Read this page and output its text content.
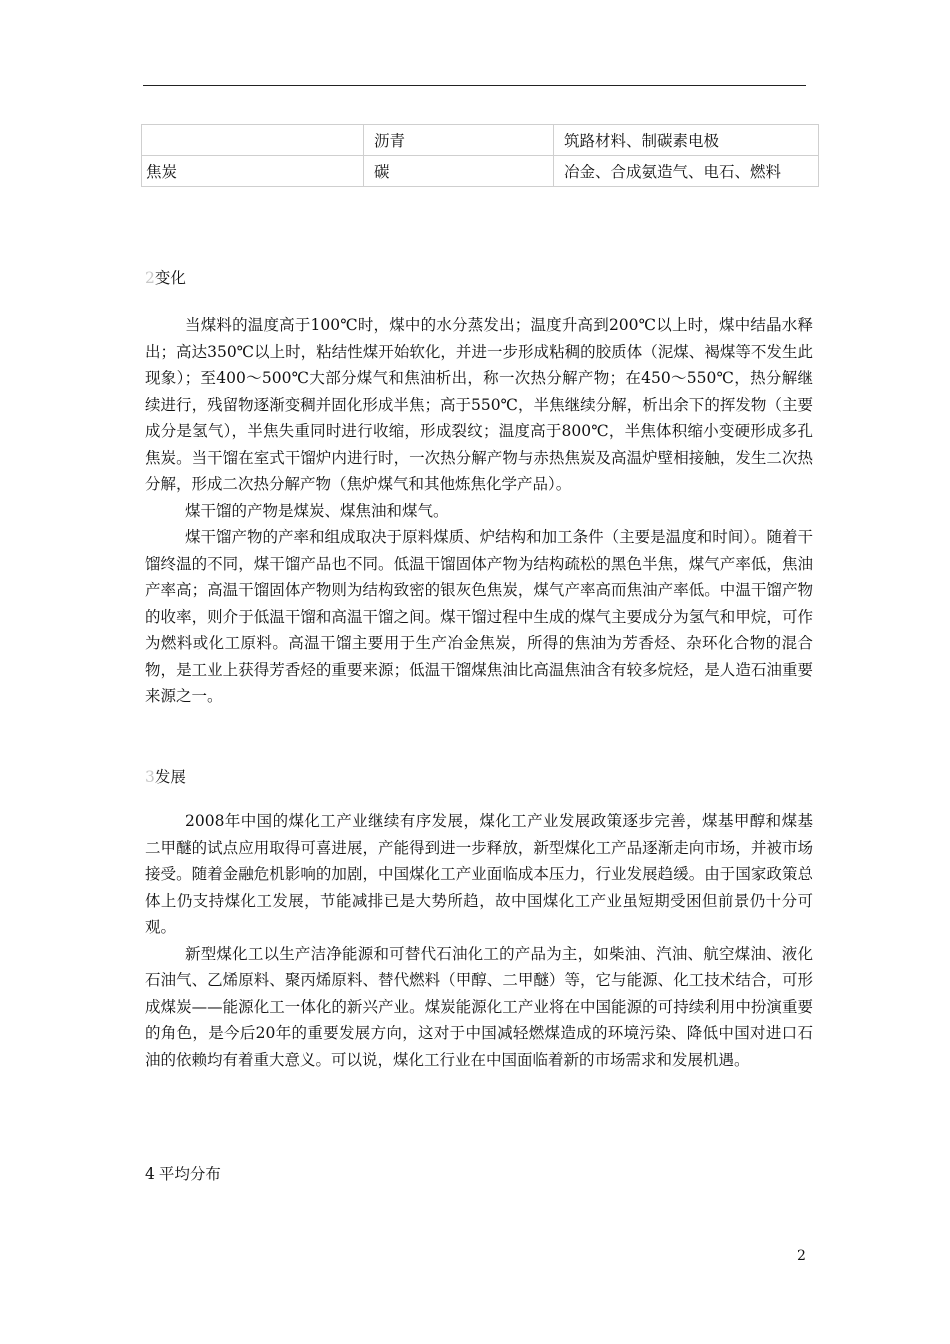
	沥青	筑路材料、制碳素电极
焦炭	碳	冶金、合成氨造气、电石、燃料
2变化

当煤料的温度高于100℃时，煤中的水分蒸发出；温度升高到200℃以上时，煤中结晶水释出；高达350℃以上时，粘结性煤开始软化，并进一步形成粘稠的胶质体（泥煤、褐煤等不发生此现象）；至400～500℃大部分煤气和焦油析出，称一次热分解产物；在450～550℃，热分解继续进行，残留物逐渐变稠并固化形成半焦；高于550℃，半焦继续分解，析出余下的挥发物（主要成分是氢气），半焦失重同时进行收缩，形成裂纹；温度高于800℃，半焦体积缩小变硬形成多孔焦炭。当干馏在室式干馏炉内进行时，一次热分解产物与赤热焦炭及高温炉壁相接触，发生二次热分解，形成二次热分解产物（焦炉煤气和其他炼焦化学产品）。

煤干馏的产物是煤炭、煤焦油和煤气。

煤干馏产物的产率和组成取决于原料煤质、炉结构和加工条件（主要是温度和时间）。随着干馏终温的不同，煤干馏产品也不同。低温干馏固体产物为结构疏松的黑色半焦，煤气产率低，焦油产率高；高温干馏固体产物则为结构致密的银灰色焦炭，煤气产率高而焦油产率低。中温干馏产物的收率，则介于低温干馏和高温干馏之间。煤干馏过程中生成的煤气主要成分为氢气和甲烷，可作为燃料或化工原料。高温干馏主要用于生产冶金焦炭，所得的焦油为芳香烃、杂环化合物的混合物，是工业上获得芳香烃的重要来源；低温干馏煤焦油比高温焦油含有较多烷烃，是人造石油重要来源之一。

3发展

2008年中国的煤化工产业继续有序发展，煤化工产业发展政策逐步完善，煤基甲醇和煤基二甲醚的试点应用取得可喜进展，产能得到进一步释放，新型煤化工产品逐渐走向市场，并被市场接受。随着金融危机影响的加剧，中国煤化工产业面临成本压力，行业发展趋缓。由于国家政策总体上仍支持煤化工发展，节能减排已是大势所趋，故中国煤化工产业虽短期受困但前景仍十分可观。

新型煤化工以生产洁净能源和可替代石油化工的产品为主，如柴油、汽油、航空煤油、液化石油气、乙烯原料、聚丙烯原料、替代燃料（甲醇、二甲醚）等，它与能源、化工技术结合，可形成煤炭——能源化工一体化的新兴产业。煤炭能源化工产业将在中国能源的可持续利用中扮演重要的角色，是今后20年的重要发展方向，这对于中国减轻燃煤造成的环境污染、降低中国对进口石油的依赖均有着重大意义。可以说，煤化工行业在中国面临着新的市场需求和发展机遇。

4 平均分布
2
